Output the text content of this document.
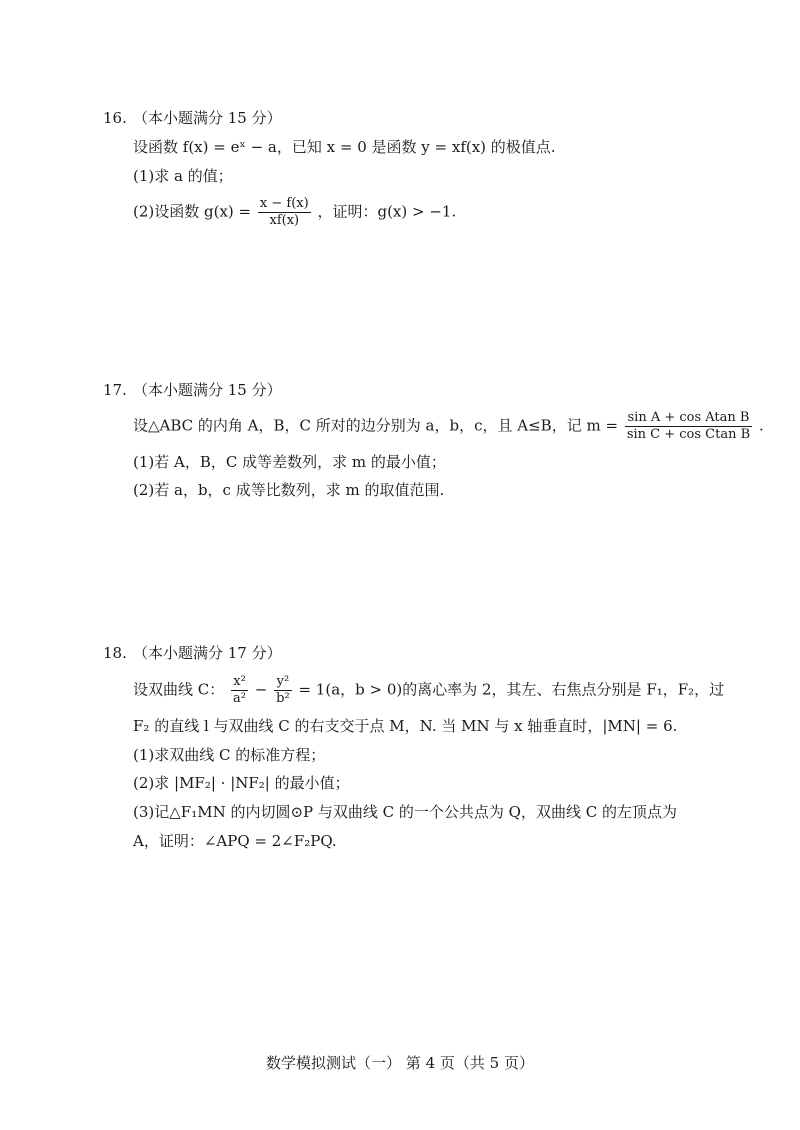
16. （本小题满分 15 分）
设函数 f(x) = eˣ − a，已知 x = 0 是函数 y = xf(x) 的极值点.
(1)求 a 的值；
(2)设函数 $g(x) = \frac{x - f(x)}{xf(x)}$ ，证明：g(x) > −1.
17. （本小题满分 15 分）
设△ABC 的内角 A，B，C 所对的边分别为 a，b，c，且 A≤B，记 $m = \frac{\text{sin A + cos Atan B}}{\text{sin C + cos Ctan B}}$ .
(1)若 A，B，C 成等差数列，求 m 的最小值；
(2)若 a，b，c 成等比数列，求 m 的取值范围.
18. （本小题满分 17 分）
设双曲线 C： $\frac{\text{x²}}{\text{a²}} - \frac{\text{y²}}{\text{b²}} = 1(a$，b > 0)的离心率为 2，其左、右焦点分别是 F₁，F₂，过
F₂ 的直线 l 与双曲线 C 的右支交于点 M，N. 当 MN 与 x 轴垂直时，|MN| = 6.
(1)求双曲线 C 的标准方程；
(2)求 |MF₂| · |NF₂| 的最小值；
(3)记△F₁MN 的内切圆⊙P 与双曲线 C 的一个公共点为 Q，双曲线 C 的左顶点为
A，证明：∠APQ = 2∠F₂PQ.
数学模拟测试（一） 第 4 页（共 5 页）
